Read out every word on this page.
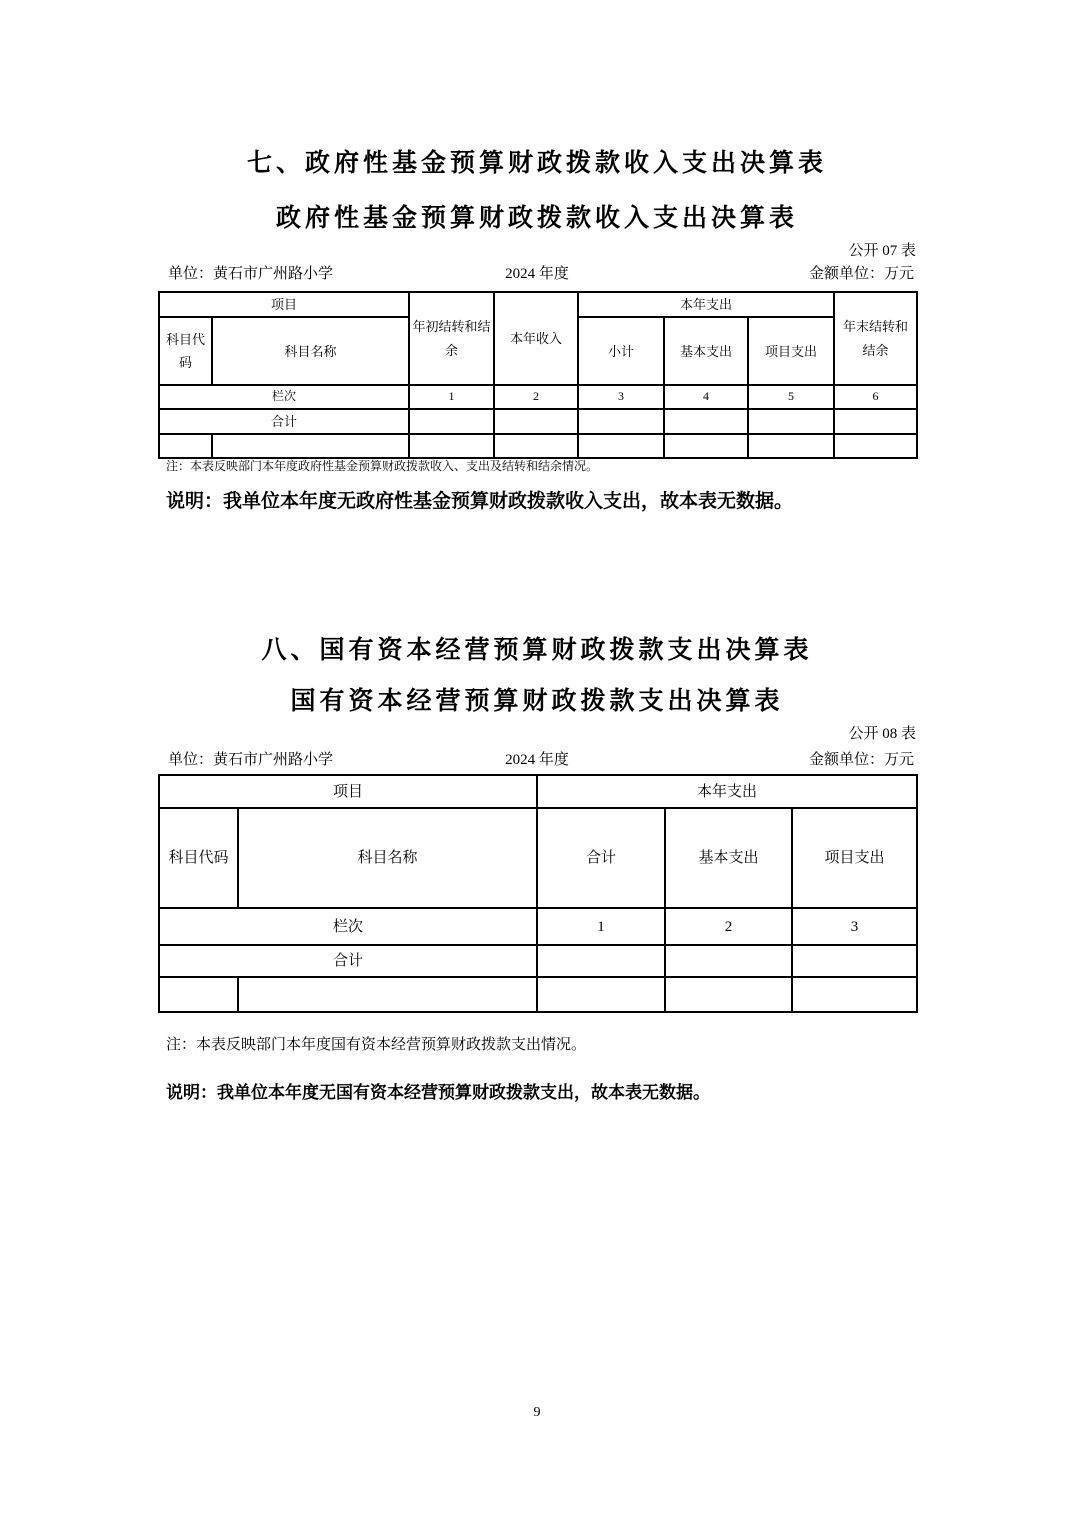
七、政府性基金预算财政拨款收入支出决算表
政府性基金预算财政拨款收入支出决算表
公开 07 表
单位：黄石市广州路小学	2024 年度	金额单位：万元
项目		年初结转和结余	本年收入	本年支出			年末结转和结余
科目代码	科目名称			小计	基本支出	项目支出	
栏次		1	2	3	4	5	6
合计							

注：本表反映部门本年度政府性基金预算财政拨款收入、支出及结转和结余情况。
说明：我单位本年度无政府性基金预算财政拨款收入支出，故本表无数据。
八、国有资本经营预算财政拨款支出决算表
国有资本经营预算财政拨款支出决算表
公开 08 表
单位：黄石市广州路小学	2024 年度	金额单位：万元
项目		本年支出		
科目代码	科目名称	合计	基本支出	项目支出
栏次		1	2	3
合计				

注：本表反映部门本年度国有资本经营预算财政拨款支出情况。
说明：我单位本年度无国有资本经营预算财政拨款支出，故本表无数据。
9
